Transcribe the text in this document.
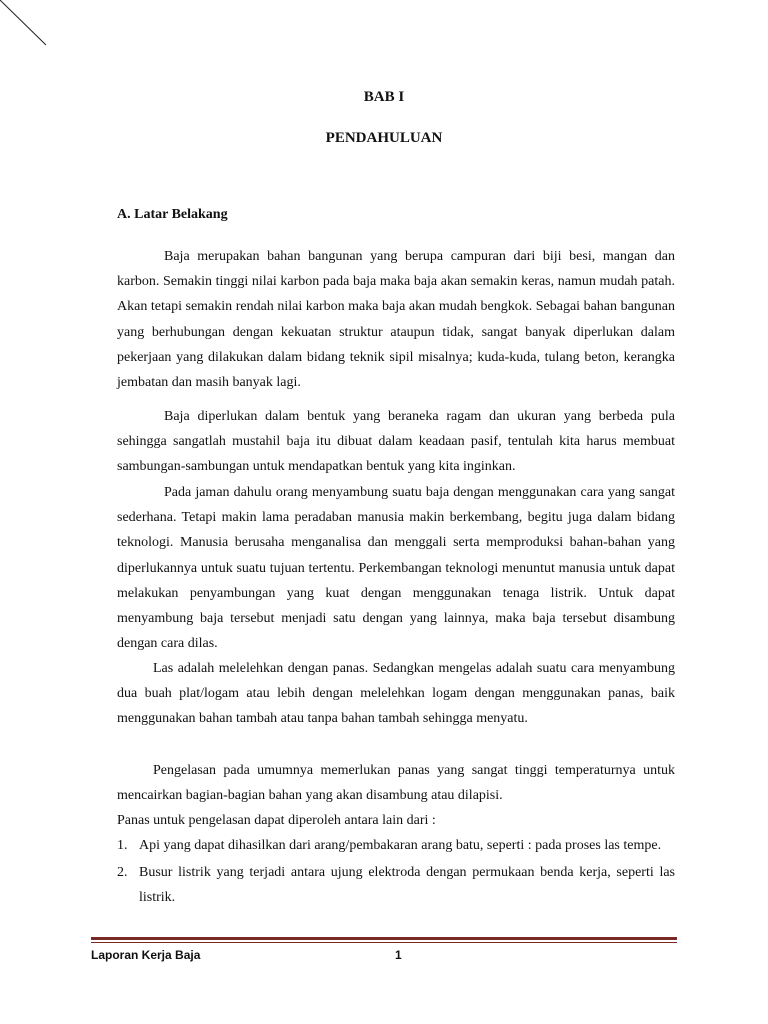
BAB I
PENDAHULUAN
A. Latar Belakang

Baja merupakan bahan bangunan yang berupa campuran dari biji besi, mangan dan karbon. Semakin tinggi nilai karbon pada baja maka baja akan semakin keras, namun mudah patah. Akan tetapi semakin rendah nilai karbon maka baja akan mudah bengkok. Sebagai bahan bangunan yang berhubungan dengan kekuatan struktur ataupun tidak, sangat banyak diperlukan dalam pekerjaan yang dilakukan dalam bidang teknik sipil misalnya; kuda-kuda, tulang beton, kerangka jembatan dan masih banyak lagi.

Baja diperlukan dalam bentuk yang beraneka ragam dan ukuran yang berbeda pula sehingga sangatlah mustahil baja itu dibuat dalam keadaan pasif, tentulah kita harus membuat sambungan-sambungan untuk mendapatkan bentuk yang kita inginkan.

Pada jaman dahulu orang menyambung suatu baja dengan menggunakan cara yang sangat sederhana. Tetapi makin lama peradaban manusia makin berkembang, begitu juga dalam bidang teknologi. Manusia berusaha menganalisa dan menggali serta memproduksi bahan-bahan yang diperlukannya untuk suatu tujuan tertentu. Perkembangan teknologi menuntut manusia untuk dapat melakukan penyambungan yang kuat dengan menggunakan tenaga listrik. Untuk dapat menyambung baja tersebut menjadi satu dengan yang lainnya, maka baja tersebut disambung dengan cara dilas.

Las adalah melelehkan dengan panas. Sedangkan mengelas adalah suatu cara menyambung dua buah plat/logam atau lebih dengan melelehkan logam dengan menggunakan panas, baik menggunakan bahan tambah atau tanpa bahan tambah sehingga menyatu.

Pengelasan pada umumnya memerlukan panas yang sangat tinggi temperaturnya untuk mencairkan bagian-bagian bahan yang akan disambung atau dilapisi.

Panas untuk pengelasan dapat diperoleh antara lain dari :

1. Api yang dapat dihasilkan dari arang/pembakaran arang batu, seperti : pada proses las tempe.
2. Busur listrik yang terjadi antara ujung elektroda dengan permukaan benda kerja, seperti las listrik.

Laporan Kerja Baja	1
